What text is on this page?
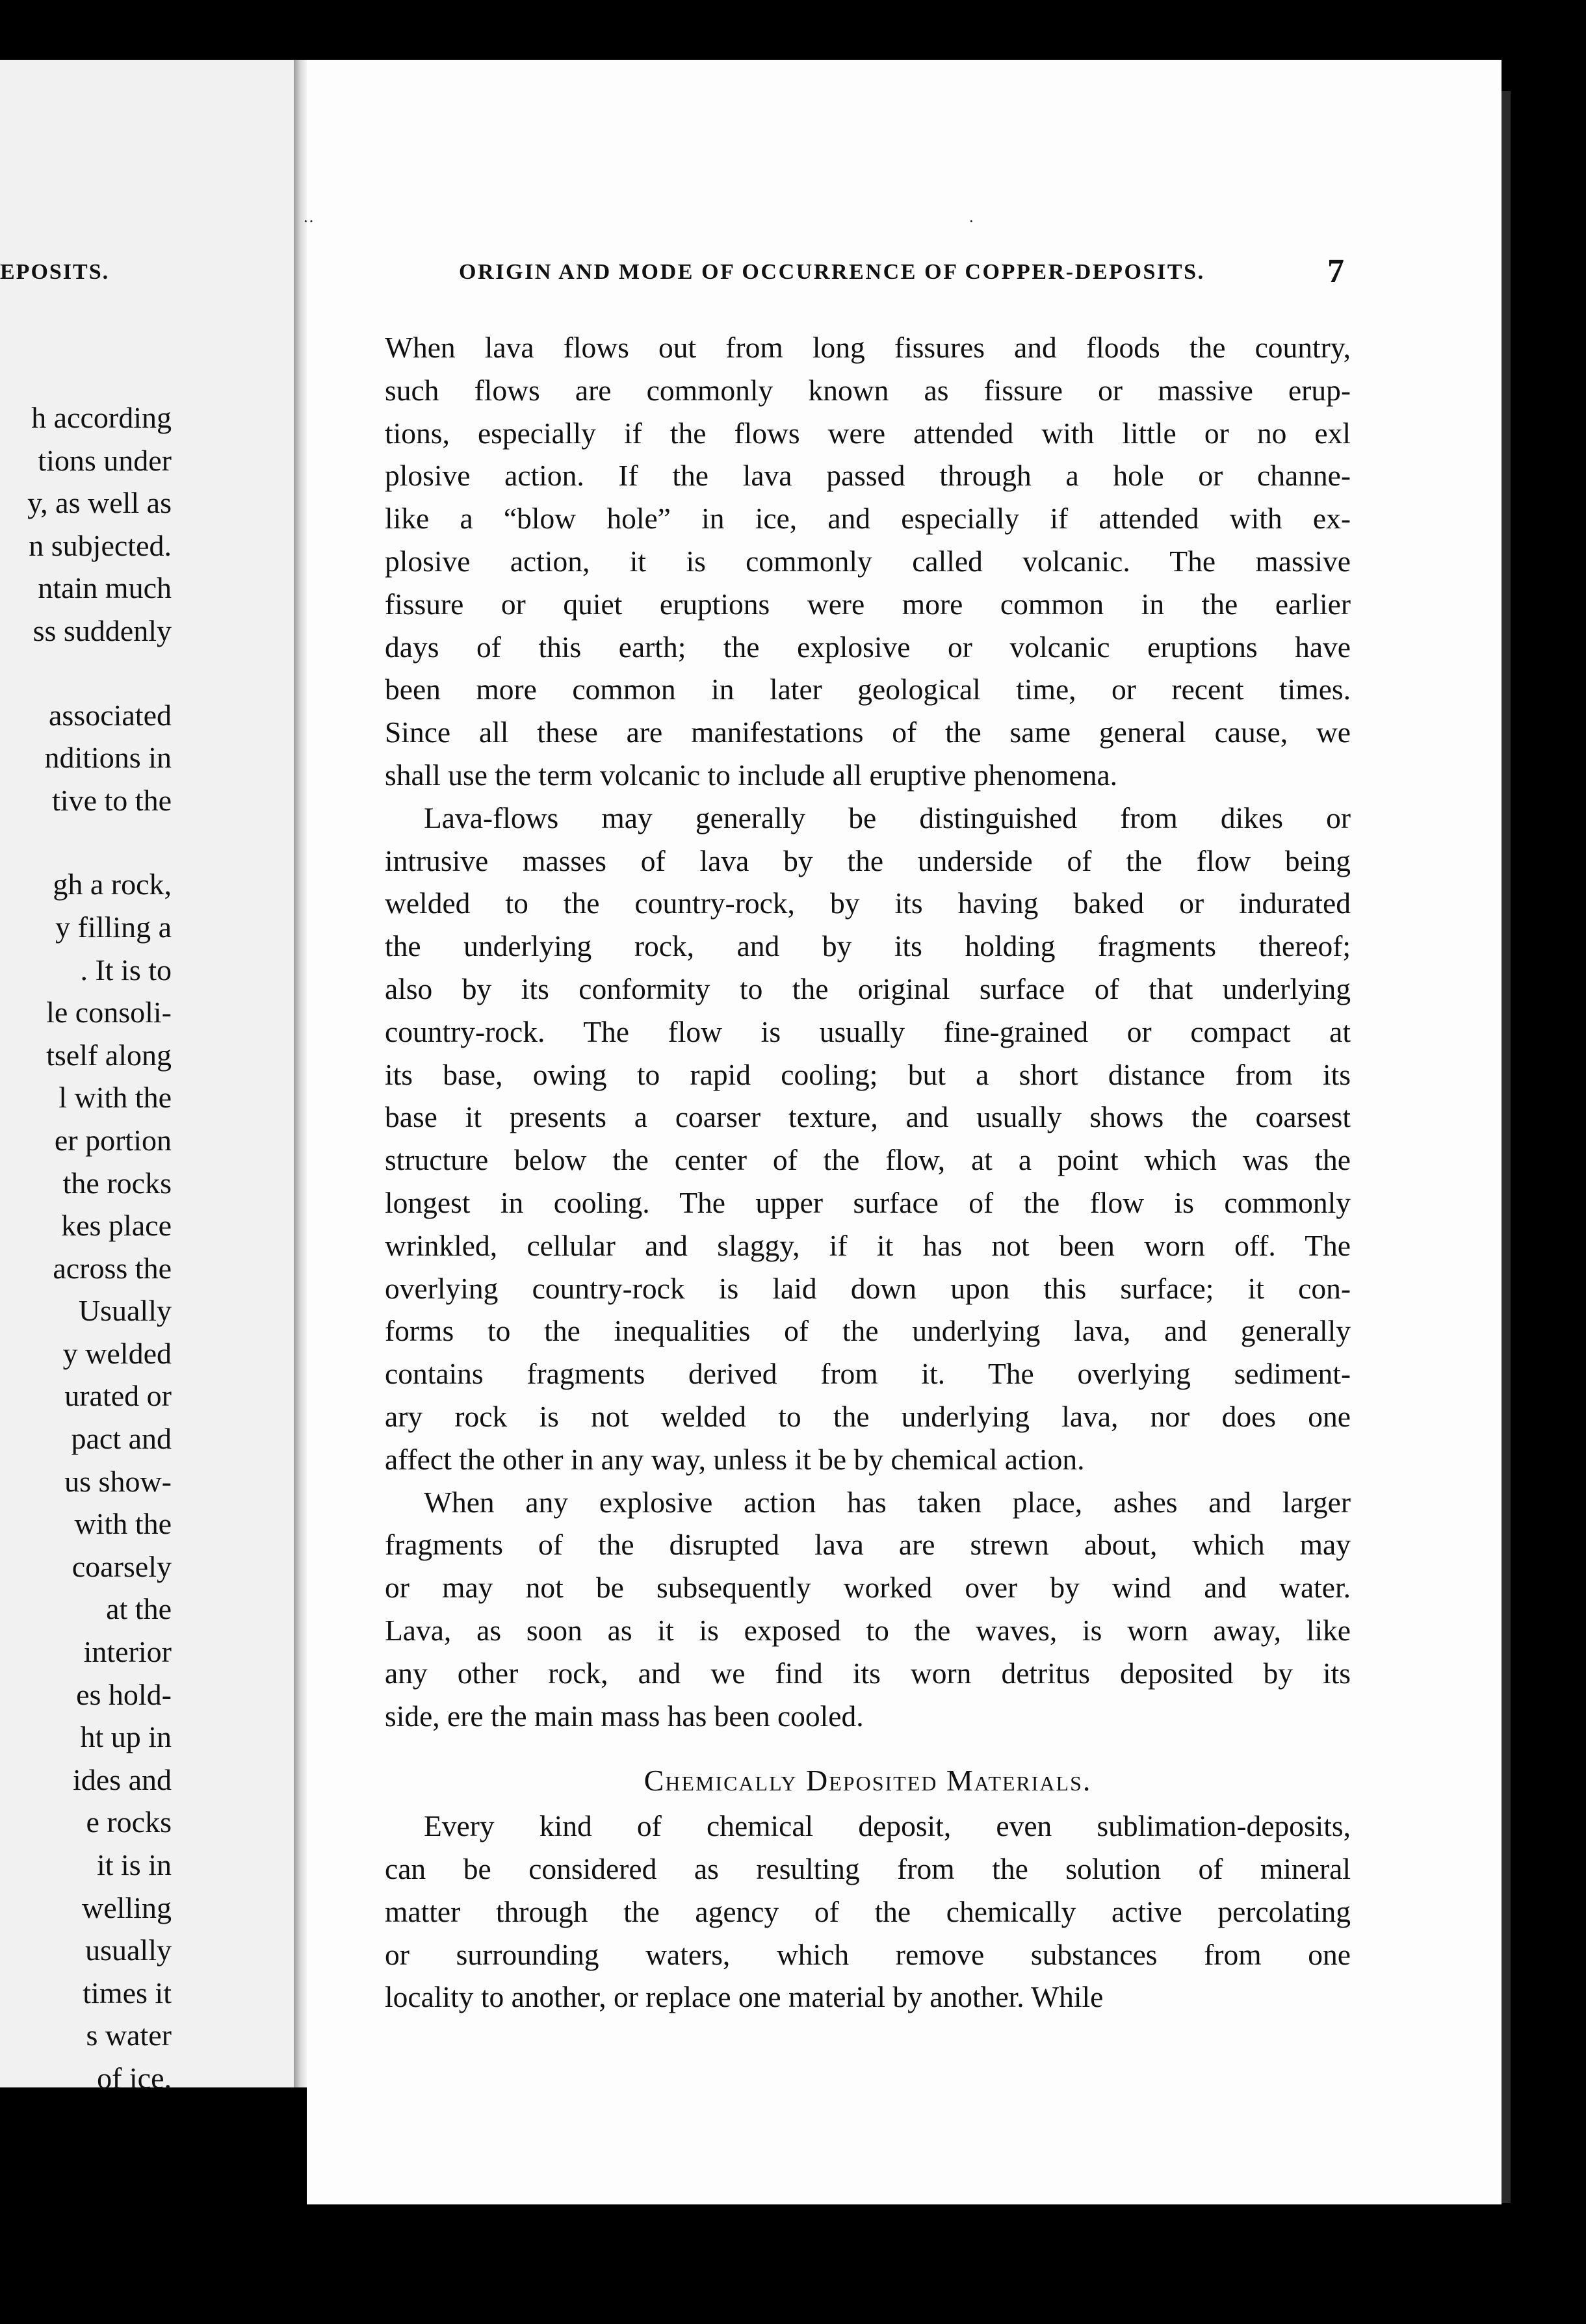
EPOSITS.
h according
tions under
y, as well as
n subjected.
ntain much
ss suddenly
associated
nditions in
tive to the
gh a rock,
y filling a
. It is to
le consoli-
tself along
l with the
er portion
the rocks
kes place
across the
Usually
y welded
urated or
pact and
us show-
with the
coarsely
at the
interior
es hold-
ht up in
ides and
e rocks
it is in
welling
usually
times it
s water
of ice.
·
··
ORIGIN AND MODE OF OCCURRENCE OF COPPER-DEPOSITS.	7
When lava flows out from long fissures and floods the country,
such flows are commonly known as fissure or massive erup-
tions, especially if the flows were attended with little or no exl
plosive action. If the lava passed through a hole or channe-
like a “blow hole” in ice, and especially if attended with ex-
plosive action, it is commonly called volcanic. The massive
fissure or quiet eruptions were more common in the earlier
days of this earth; the explosive or volcanic eruptions have
been more common in later geological time, or recent times.
Since all these are manifestations of the same general cause, we
shall use the term volcanic to include all eruptive phenomena.
Lava-flows may generally be distinguished from dikes or
intrusive masses of lava by the underside of the flow being
welded to the country-rock, by its having baked or indurated
the underlying rock, and by its holding fragments thereof;
also by its conformity to the original surface of that underlying
country-rock. The flow is usually fine-grained or compact at
its base, owing to rapid cooling; but a short distance from its
base it presents a coarser texture, and usually shows the coarsest
structure below the center of the flow, at a point which was the
longest in cooling. The upper surface of the flow is commonly
wrinkled, cellular and slaggy, if it has not been worn off. The
overlying country-rock is laid down upon this surface; it con-
forms to the inequalities of the underlying lava, and generally
contains fragments derived from it. The overlying sediment-
ary rock is not welded to the underlying lava, nor does one
affect the other in any way, unless it be by chemical action.
When any explosive action has taken place, ashes and larger
fragments of the disrupted lava are strewn about, which may
or may not be subsequently worked over by wind and water.
Lava, as soon as it is exposed to the waves, is worn away, like
any other rock, and we find its worn detritus deposited by its
side, ere the main mass has been cooled.
Chemically Deposited Materials.
Every kind of chemical deposit, even sublimation-deposits,
can be considered as resulting from the solution of mineral
matter through the agency of the chemically active percolating
or surrounding waters, which remove substances from one
locality to another, or replace one material by another. While
